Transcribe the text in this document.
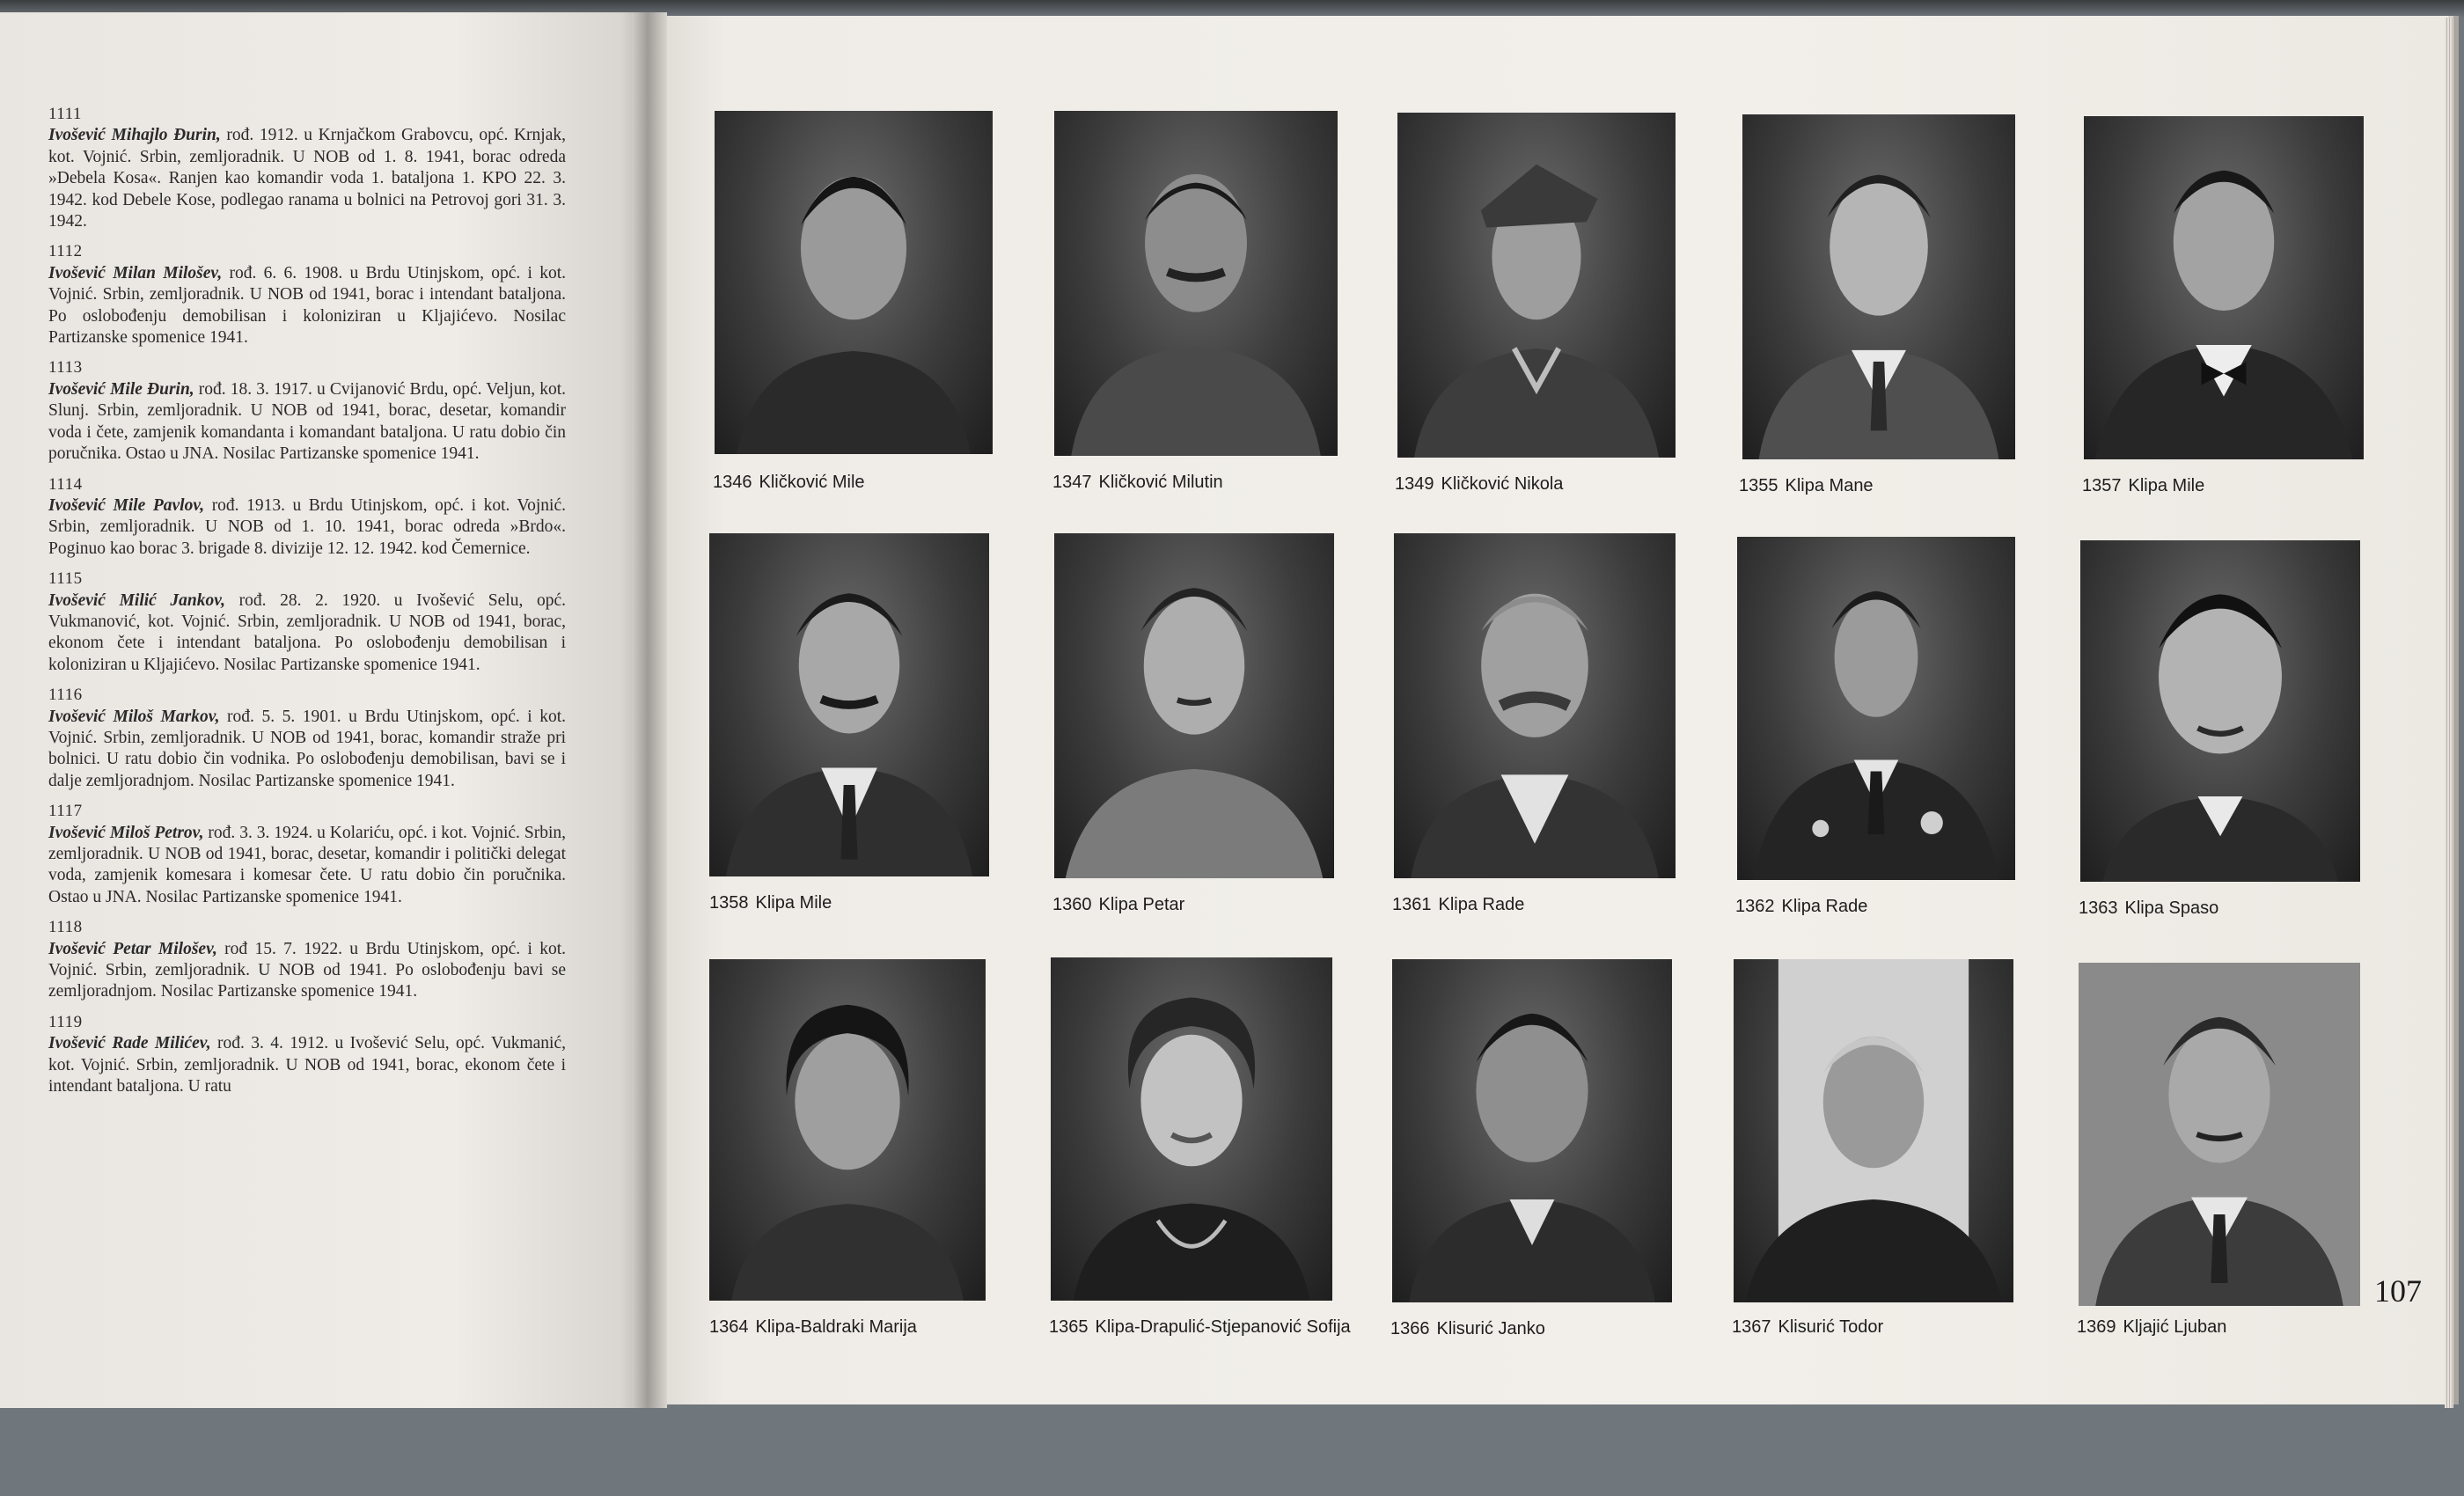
1111
Ivošević Mihajlo Đurin, rođ. 1912. u Krnjačkom Grabovcu, opć. Krnjak, kot. Vojnić. Srbin, zemljoradnik. U NOB od 1. 8. 1941, borac odreda »Debela Kosa«. Ranjen kao komandir voda 1. bataljona 1. KPO 22. 3. 1942. kod Debele Kose, podlegao ranama u bolnici na Petrovoj gori 31. 3. 1942.
1112
Ivošević Milan Milošev, rođ. 6. 6. 1908. u Brdu Utinjskom, opć. i kot. Vojnić. Srbin, zemljoradnik. U NOB od 1941, borac i intendant bataljona. Po oslobođenju demobilisan i koloniziran u Kljajićevo. Nosilac Partizanske spomenice 1941.
1113
Ivošević Mile Đurin, rođ. 18. 3. 1917. u Cvijanović Brdu, opć. Veljun, kot. Slunj. Srbin, zemljoradnik. U NOB od 1941, borac, desetar, komandir voda i čete, zamjenik komandanta i komandant bataljona. U ratu dobio čin poručnika. Ostao u JNA. Nosilac Partizanske spomenice 1941.
1114
Ivošević Mile Pavlov, rođ. 1913. u Brdu Utinjskom, opć. i kot. Vojnić. Srbin, zemljoradnik. U NOB od 1. 10. 1941, borac odreda »Brdo«. Poginuo kao borac 3. brigade 8. divizije 12. 12. 1942. kod Čemernice.
1115
Ivošević Milić Jankov, rođ. 28. 2. 1920. u Ivošević Selu, opć. Vukmanović, kot. Vojnić. Srbin, zemljoradnik. U NOB od 1941, borac, ekonom čete i intendant bataljona. Po oslobođenju demobilisan i koloniziran u Kljajićevo. Nosilac Partizanske spomenice 1941.
1116
Ivošević Miloš Markov, rođ. 5. 5. 1901. u Brdu Utinjskom, opć. i kot. Vojnić. Srbin, zemljoradnik. U NOB od 1941, borac, komandir straže pri bolnici. U ratu dobio čin vodnika. Po oslobođenju demobilisan, bavi se i dalje zemljoradnjom. Nosilac Partizanske spomenice 1941.
1117
Ivošević Miloš Petrov, rođ. 3. 3. 1924. u Kolariću, opć. i kot. Vojnić. Srbin, zemljoradnik. U NOB od 1941, borac, desetar, komandir i politički delegat voda, zamjenik komesara i komesar čete. U ratu dobio čin poručnika. Ostao u JNA. Nosilac Partizanske spomenice 1941.
1118
Ivošević Petar Milošev, rođ 15. 7. 1922. u Brdu Utinjskom, opć. i kot. Vojnić. Srbin, zemljoradnik. U NOB od 1941. Po oslobođenju bavi se zemljoradnjom. Nosilac Partizanske spomenice 1941.
1119
Ivošević Rade Milićev, rođ. 3. 4. 1912. u Ivošević Selu, opć. Vukmanić, kot. Vojnić. Srbin, zemljoradnik. U NOB od 1941, borac, ekonom čete i intendant bataljona. U ratu
1346 Kličković Mile	1347 Kličković Milutin	1349 Kličković Nikola	1355 Klipa Mane	1357 Klipa Mile
1358 Klipa Mile	1360 Klipa Petar	1361 Klipa Rade	1362 Klipa Rade	1363 Klipa Spaso
1364 Klipa-Baldraki Marija	1365 Klipa-Drapulić-Stjepanović Sofija	1366 Klisurić Janko	1367 Klisurić Todor	1369 Kljajić Ljuban
107
